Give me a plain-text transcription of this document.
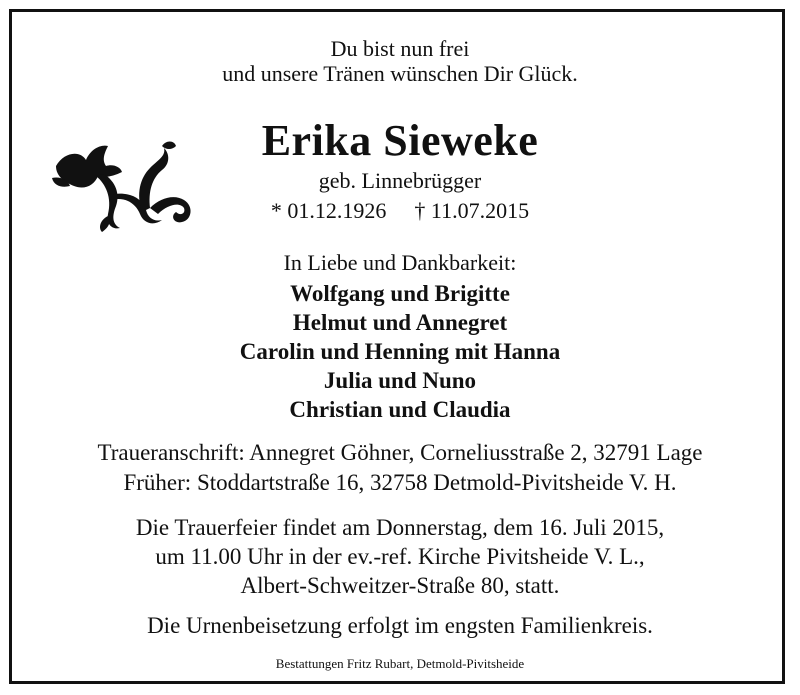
Du bist nun frei
und unsere Tränen wünschen Dir Glück.
Erika Sieweke
geb. Linnebrügger
* 01.12.1926 † 11.07.2015
In Liebe und Dankbarkeit:
Wolfgang und Brigitte
Helmut und Annegret
Carolin und Henning mit Hanna
Julia und Nuno
Christian und Claudia
Traueranschrift: Annegret Göhner, Corneliusstraße 2, 32791 Lage
Früher: Stoddartstraße 16, 32758 Detmold-Pivitsheide V. H.
Die Trauerfeier findet am Donnerstag, dem 16. Juli 2015,
um 11.00 Uhr in der ev.-ref. Kirche Pivitsheide V. L.,
Albert-Schweitzer-Straße 80, statt.
Die Urnenbeisetzung erfolgt im engsten Familienkreis.
Bestattungen Fritz Rubart, Detmold-Pivitsheide
